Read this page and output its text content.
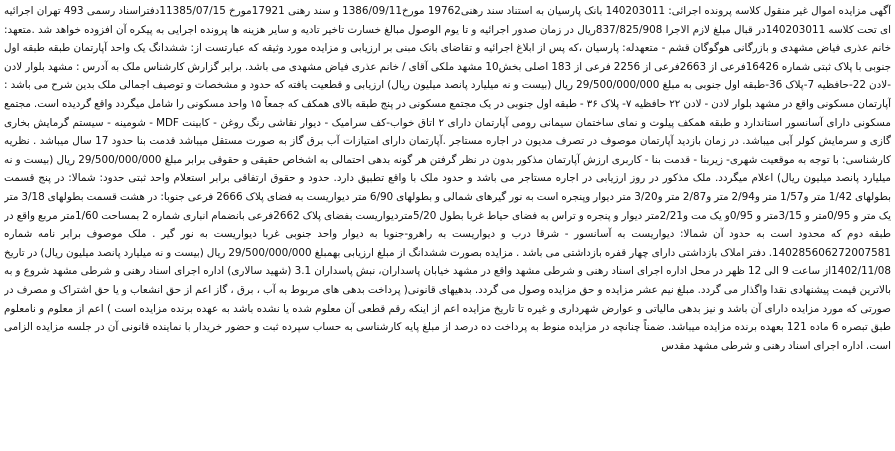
آگهی مزایده اموال غیر منقول کلاسه پرونده اجرائی: 140203011 بانک پارسیان به استناد سند رهنی19762 مورخ1386/09/11 و سند رهنی 17921مورخ 11385/07/15دفتراسناد رسمی 493 تهران اجرائیه ای تحت کلاسه 140203011در قبال مبلغ لازم الاجرا 837/825/908ریال در زمان صدور اجرائیه و تا یوم الوصول مبالغ خسارت تاخیر تادیه و سایر هزینه ها پرونده اجرایی به پیکره آن افزوده خواهد شد .متعهد: خانم عذری فیاض مشهدی و بازرگانی هوگوگان قشم - متعهدله: پارسیان ،که پس از ابلاغ اجرائیه و تقاضای بانک مبنی بر ارزیابی و مزایده مورد وثیقه که عبارتست از: ششدانگ یک واحد آپارتمان طبقه طبقه اول جنوبی با پلاک ثبتی شماره 16426فرعی از 2663فرعی از 2256 فرعی از 183 اصلی بخش10 مشهد ملکی آقای / خانم عذری فیاض مشهدی می باشد. برابر گزارش کارشناس ملک به آدرس : مشهد بلوار لادن -لادن 22-حافظیه 7-پلاک 36-طبقه اول جنوبی به مبلغ 29/500/000/000 ریال (بیست و نه میلیارد پانصد میلیون ریال) ارزیابی و قطعیت یافته که حدود و مشخصات و توصیف اجمالی ملک بدین شرح می باشد : آپارتمان مسکونی واقع در مشهد بلوار لادن - لادن ۲۲ حافظیه ۷- پلاک ۳۶ - طبقه اول جنوبی در یک مجتمع مسکونی در پنج طبقه بالای همکف که جمعاً ۱۵ واحد مسکونی را شامل میگردد واقع گردیده است. مجتمع مسکونی دارای آسانسور استاندارد و طبقه همکف پیلوت و نمای ساختمان سیمانی رومی آپارتمان دارای ۲ اتاق خواب-کف سرامیک - دیوار نقاشی رنگ روغن - کابینت MDF - شومینه - سیستم گرمایش بخاری گازی و سرمایش کولر آبی میباشد. در زمان بازدید آپارتمان موصوف در تصرف مدیون در اجاره مستاجر .آپارتمان دارای امتیازات آب برق گاز به صورت مستقل میباشد قدمت بنا حدود 17 سال میباشد . نظریه کارشناسی: با توجه به موقعیت شهری- زیربنا - قدمت بنا - کاربری ارزش آپارتمان مذکور بدون در نظر گرفتن هر گونه بدهی احتمالی به اشخاص حقیقی و حقوقی برابر مبلغ 29/500/000/000 ریال (بیست و نه میلیارد پانصد میلیون ریال) اعلام میگردد. ملک مذکور در روز ارزیابی در اجاره مستاجر می باشد و حدود ملک با واقع تطبیق دارد. حدود و حقوق ارتفاقی برابر استعلام واحد ثبتی حدود: شمالا: در پنج قسمت بطولهای 1/42 متر و1/57 متر و2/94 متر و2/87 متر و3/20 متر دیوار وپنجره است به نور گیرهای شمالی و بطولهای 6/90 متر دیواریست به فضای پلاک 2666 فرعی جنوبا: در هشت قسمت بطولهای 3/18 متر یک متر و 0/95متر و 3/15متر و 0/95و یک مت و2/21متر دیوار و پنجره و تراس به فضای حیاط غربا بطول 5/20متردیواریست بفضای پلاک 2662فرعی بانضمام انباری شماره 2 بمساحت 1/60متر مربع واقع در طبقه دوم که محدود است به حدود آن شمالا: دیواریست به آسانسور - شرقا درب و دیواریست به راهرو-جنوبا به دیوار واحد جنوبی غربا دیواریست به نور گیر . ملک موصوف برابر نامه شماره 140285606272007581. دفتر املاک بازداشتی دارای چهار قفره بازداشتی می باشد . مزایده بصورت ششدانگ از مبلغ ارزیابی بهمبلغ 29/500/000/000 ریال (بیست و نه میلیارد پانصد میلیون ریال) در تاریخ 1402/11/08از ساعت 9 الی 12 ظهر در محل اداره اجرای اسناد رهنی و شرطی مشهد واقع در مشهد خیابان پاسداران، نبش پاسداران 3.1 (شهید سالاری) اداره اجرای اسناد رهنی و شرطی مشهد شروع و به بالاترین قیمت پیشنهادی نقدا واگذار می گردد. مبلغ نیم عشر مزایده و حق مزایده وصول می گردد. بدهیهای قانونی( پرداخت بدهی های مربوط به آب ، برق ، گاز اعم از حق انشعاب و یا حق اشتراک و مصرف در صورتی که مورد مزایده دارای آن باشد و نیز بدهی مالیاتی و عوارض شهرداری و غیره تا تاریخ مزایده اعم از اینکه رقم قطعی آن معلوم شده یا نشده باشد به عهده برنده مزایده است ) اعم از معلوم و نامعلوم طبق تبصره 6 ماده 121 بعهده برنده مزایده میباشد. ضمناً چنانچه در مزایده منوط به پرداخت ده درصد از مبلغ پایه کارشناسی به حساب سپرده ثبت و حضور خریدار با نماینده قانونی آن در جلسه مزایده الزامی است. اداره اجرای اسناد رهنی و شرطی مشهد مقدس
